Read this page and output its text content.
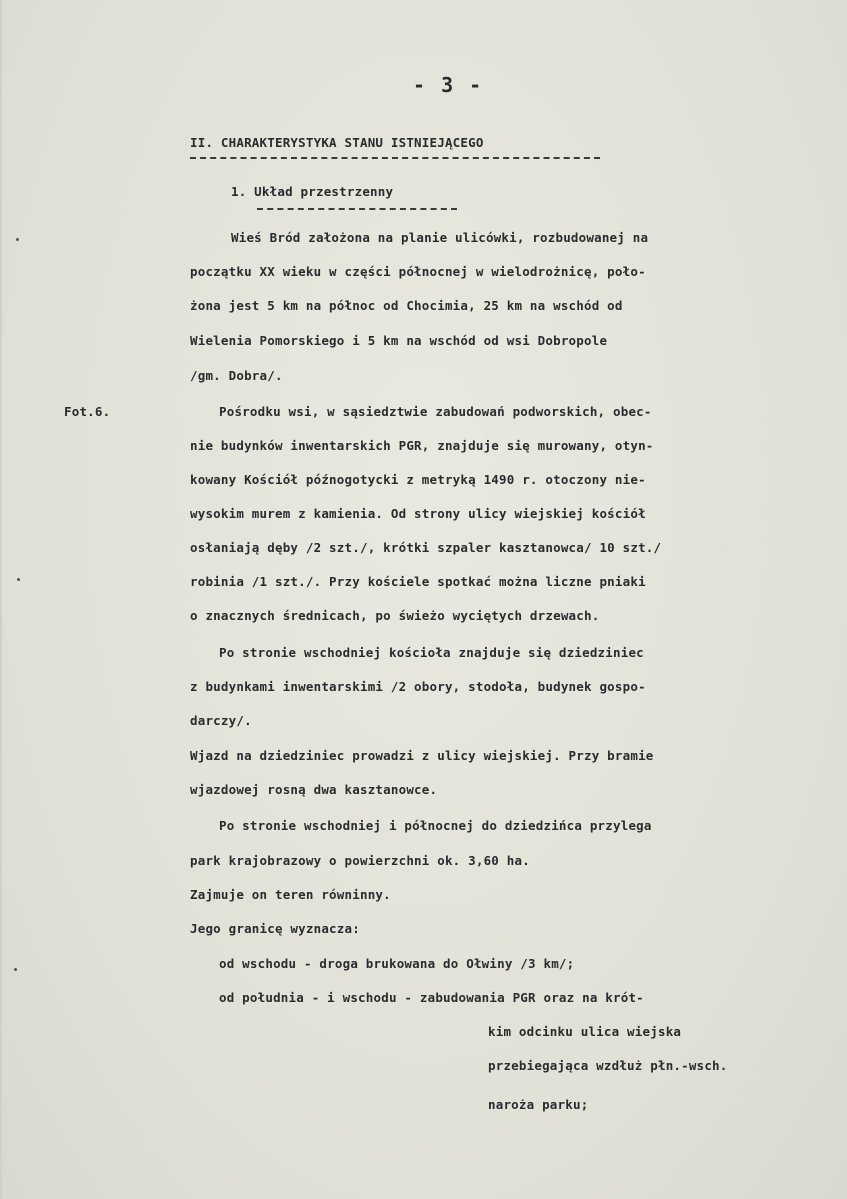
- 3 -
II. CHARAKTERYSTYKA STANU ISTNIEJĄCEGO
1. Układ przestrzenny
Fot.6.
Wieś Bród założona na planie ulicówki, rozbudowanej na
początku XX wieku w części północnej w wielodrożnicę, poło-
żona jest 5 km na północ od Chocimia, 25 km na wschód od
Wielenia Pomorskiego i 5 km na wschód od wsi Dobropole
/gm. Dobra/.
Pośrodku wsi, w sąsiedztwie zabudowań podworskich, obec-
nie budynków inwentarskich PGR, znajduje się murowany, otyn-
kowany Kościół późnogotycki z metryką 1490 r. otoczony nie-
wysokim murem z kamienia. Od strony ulicy wiejskiej kościół
osłaniają dęby /2 szt./, krótki szpaler kasztanowca/ 10 szt./
robinia /1 szt./. Przy kościele spotkać można liczne pniaki
o znacznych średnicach, po świeżo wyciętych drzewach.
Po stronie wschodniej kościoła znajduje się dziedziniec
z budynkami inwentarskimi /2 obory, stodoła, budynek gospo-
darczy/.
Wjazd na dziedziniec prowadzi z ulicy wiejskiej. Przy bramie
wjazdowej rosną dwa kasztanowce.
Po stronie wschodniej i północnej do dziedzińca przylega
park krajobrazowy o powierzchni ok. 3,60 ha.
Zajmuje on teren równinny.
Jego granicę wyznacza:
od wschodu - droga brukowana do Ołwiny /3 km/;
od południa - i wschodu - zabudowania PGR oraz na krót-
kim odcinku ulica wiejska
przebiegająca wzdłuż płn.-wsch.
naroża parku;
